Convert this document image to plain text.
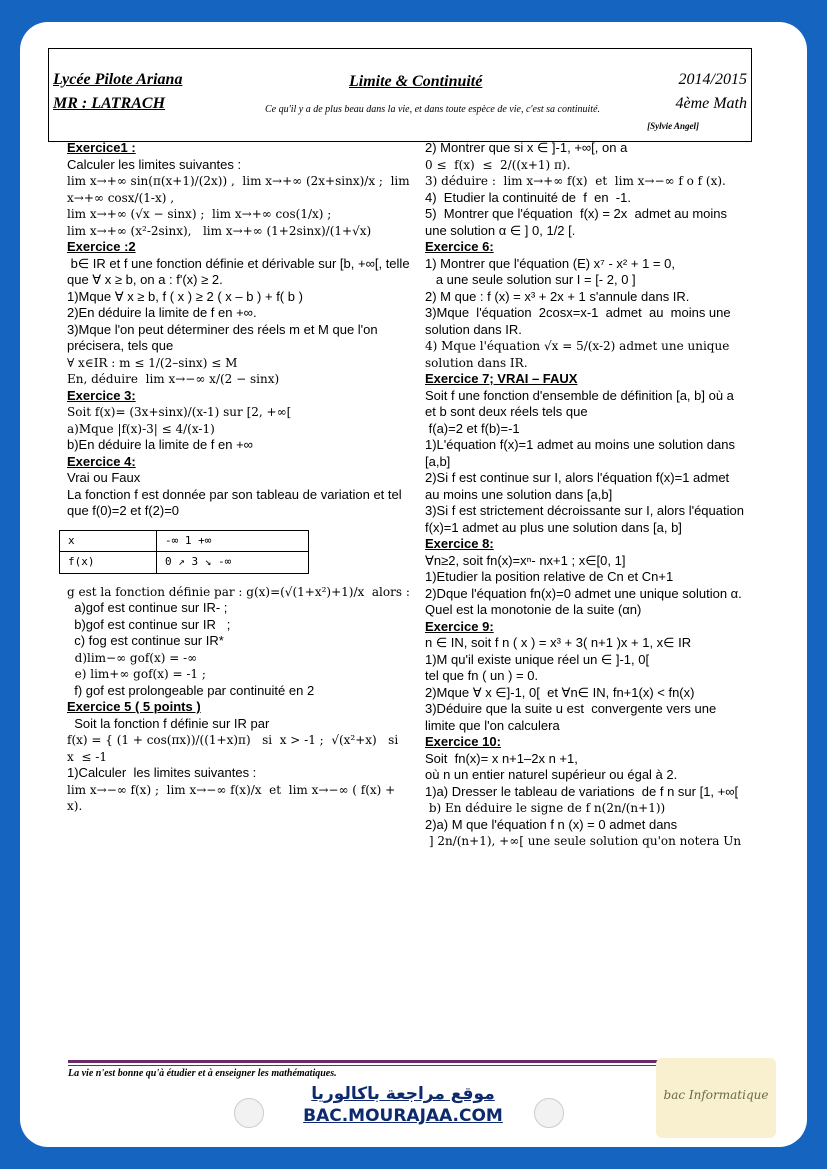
Lycée Pilote Ariana
MR : LATRACH
Limite & Continuité	2014/2015
4ème Math
Ce qu'il y a de plus beau dans la vie, et dans toute espèce de vie, c'est sa continuité.
[Sylvie Angel]
Exercice1 :
Calculer les limites suivantes :
lim x→+∞ sin(π(x+1)/(2x)) ,  lim x→+∞ (2x+sinx)/x ;  lim x→+∞ cosx/(1-x) ,
lim x→+∞ (√x − sinx) ;  lim x→+∞ cos(1/x) ;
lim x→+∞ (x²-2sinx),   lim x→+∞ (1+2sinx)/(1+√x)
Exercice :2
b∈ IR et f une fonction définie et dérivable sur [b, +∞[, telle que ∀ x ≥ b, on a : f'(x) ≥ 2.
1)Mque ∀ x ≥ b, f ( x ) ≥ 2 ( x – b ) + f( b )
2)En déduire la limite de f en +∞.
3)Mque l'on peut déterminer des réels m et M que l'on précisera, tels que
∀ x∈IR : m ≤ 1/(2–sinx) ≤ M
En, déduire  lim x→−∞ x/(2 − sinx)
Exercice 3:
Soit f(x)= (3x+sinx)/(x-1) sur [2, +∞[
a)Mque |f(x)-3| ≤ 4/(x-1)
b)En déduire la limite de f en +∞
Exercice 4:
Vrai ou Faux
La fonction f est donnée par son tableau de variation et tel que f(0)=2 et f(2)=0
x	-∞ 1 +∞
f(x)	0 ↗ 3 ↘ -∞
g est la fonction définie par : g(x)=(√(1+x²)+1)/x  alors :
a)gof est continue sur IR- ;
b)gof est continue sur IR   ;
c) fog est continue sur IR*
d)lim−∞ gof(x) = -∞
e) lim+∞ gof(x) = -1 ;
f) gof est prolongeable par continuité en 2
Exercice 5 ( 5 points )
Soit la fonction f définie sur IR par
f(x) = { (1 + cos(πx))/((1+x)π)   si  x > -1 ;  √(x²+x)   si  x  ≤ -1
1)Calculer  les limites suivantes :
lim x→−∞ f(x) ;  lim x→−∞ f(x)/x  et  lim x→−∞ ( f(x) + x).
2) Montrer que si x ∈ ]-1, +∞[, on a
0 ≤  f(x)  ≤  2/((x+1) π).
3) déduire :  lim x→+∞ f(x)  et  lim x→−∞ f o f (x).
4)  Etudier la continuité de  f  en  -1.
5)  Montrer que l'équation  f(x) = 2x  admet au moins  une solution α ∈ ] 0, 1/2 [.
Exercice 6:
1) Montrer que l'équation (E) x⁷ - x² + 1 = 0,
a une seule solution sur I = [- 2, 0 ]
2) M que : f (x) = x³ + 2x + 1 s'annule dans IR.
3)Mque  l'équation  2cosx=x-1  admet  au  moins une solution dans IR.
4) Mque l'équation √x = 5/(x-2) admet une unique solution dans IR.
Exercice 7; VRAI – FAUX
Soit f une fonction d'ensemble de définition [a, b] où a et b sont deux réels tels que
f(a)=2 et f(b)=-1
1)L'équation f(x)=1 admet au moins une solution dans [a,b]
2)Si f est continue sur I, alors l'équation f(x)=1 admet au moins une solution dans [a,b]
3)Si f est strictement décroissante sur I, alors l'équation f(x)=1 admet au plus une solution dans [a, b]
Exercice 8:
∀n≥2, soit fn(x)=xⁿ- nx+1 ; x∈[0, 1]
1)Etudier la position relative de Cn et Cn+1
2)Dque l'équation fn(x)=0 admet une unique solution α.
Quel est la monotonie de la suite (αn)
Exercice 9:
n ∈ IN, soit f n ( x ) = x³ + 3( n+1 )x + 1, x∈ IR
1)M qu'il existe unique réel un ∈ ]-1, 0[
tel que fn ( un ) = 0.
2)Mque ∀ x ∈]-1, 0[  et ∀n∈ IN, fn+1(x) < fn(x)
3)Déduire que la suite u est  convergente vers une limite que l'on calculera
Exercice 10:
Soit  fn(x)= x n+1–2x n +1,
où n un entier naturel supérieur ou égal à 2.
1)a) Dresser le tableau de variations  de f n sur [1, +∞[
b) En déduire le signe de f n(2n/(n+1))
2)a) M que l'équation f n (x) = 0 admet dans
] 2n/(n+1), +∞[ une seule solution qu'on notera Un
La vie n'est bonne qu'à étudier et à enseigner les mathématiques.
موقع مراجعة باكالوريا
BAC.MOURAJAA.COM
bac Informatique
